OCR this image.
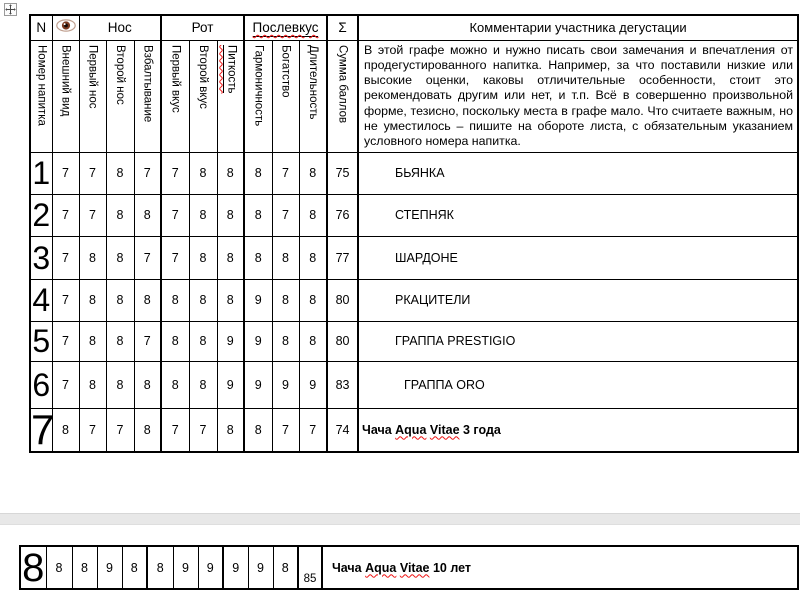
N		Нос			Рот			Послевкус			Σ	Комментарии участника дегустации
Номер напитка	Внешний вид	Первый нос	Второй нос	Взбалтывание	Первый вкус	Второй вкус	Питкость	Гармоничность	Богатство	Длительность	Сумма баллов	В этой графе можно и нужно писать свои замечания и впечатления от продегустированного напитка. Например, за что поставили низкие или высокие оценки, каковы отличительные особенности, стоит это рекомендовать другим или нет, и т.п. Всё в совершенно произвольной форме, тезисно, поскольку места в графе мало. Что считаете важным, но не уместилось – пишите на обороте листа, с обязательным указанием условного номера напитка.
1	7	7	8	7	7	8	8	8	7	8	75	БЬЯНКА
2	7	7	8	8	7	8	8	8	7	8	76	СТЕПНЯК
3	7	8	8	7	7	8	8	8	8	8	77	ШАРДОНЕ
4	7	8	8	8	8	8	8	9	8	8	80	РКАЦИТЕЛИ
5	7	8	8	7	8	8	9	9	8	8	80	ГРАППА PRESTIGIO
6	7	8	8	8	8	8	9	9	9	9	83	ГРАППА ORO
7	8	7	7	8	7	7	8	8	7	7	74	Чача Aqua Vitae 3 года
8	8	8	9	8	8	9	9	9	9	8	85	Чача Aqua Vitae 10 лет
